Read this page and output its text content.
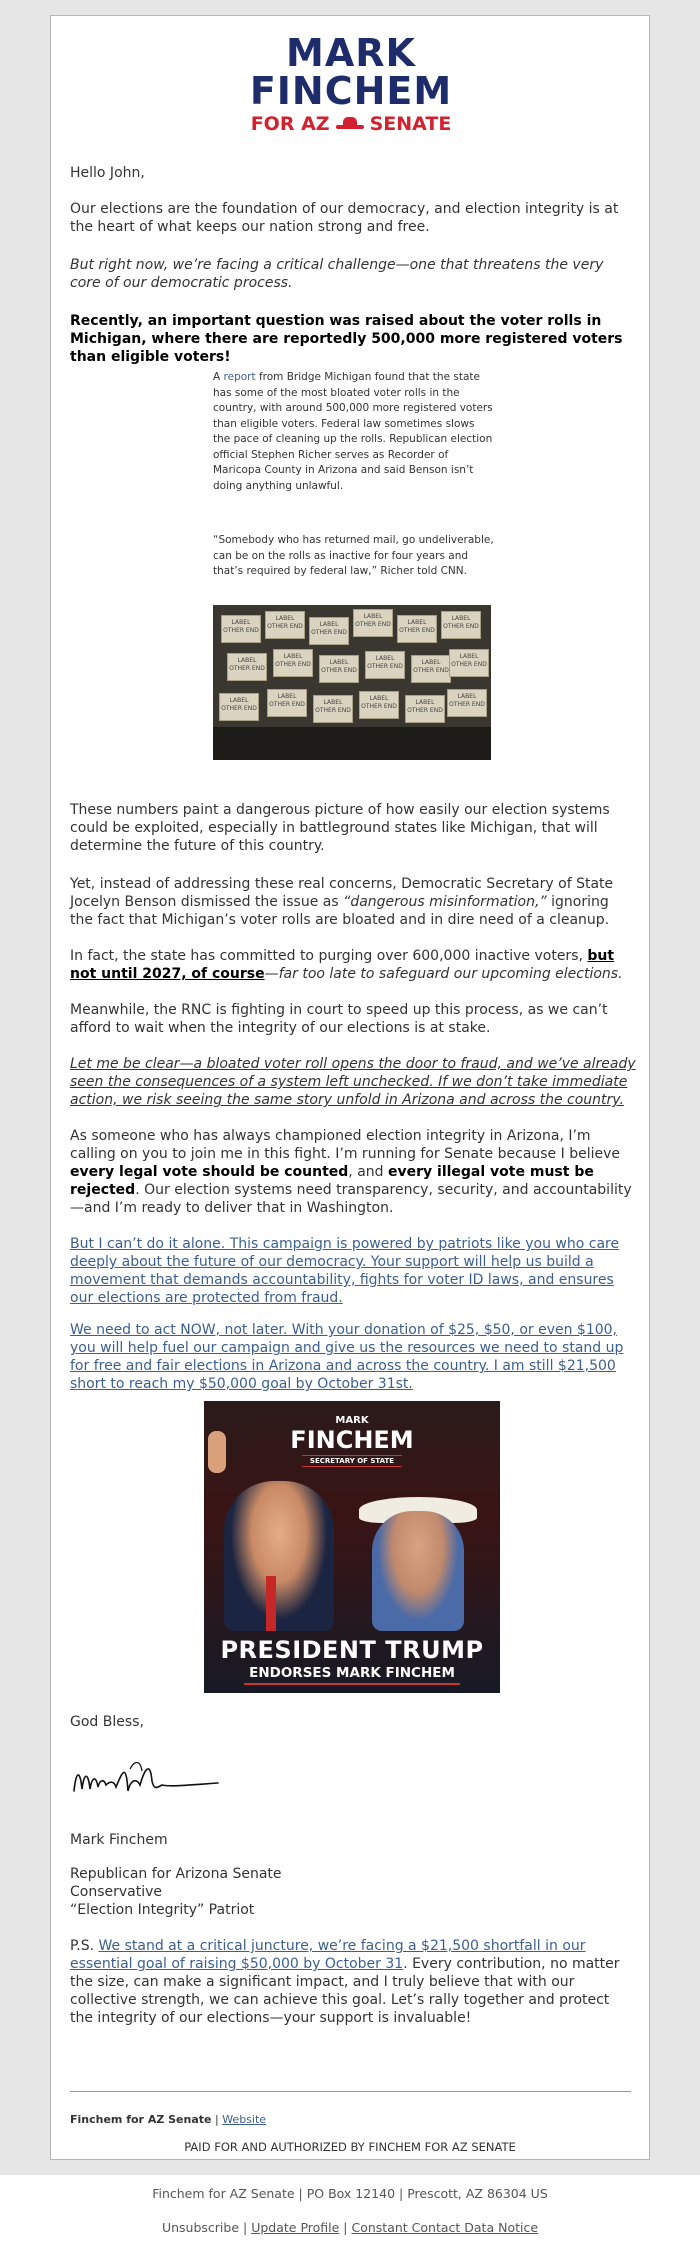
MARK
FINCHEM
FOR AZ SENATE
Hello John,
Our elections are the foundation of our democracy, and election integrity is at the heart of what keeps our nation strong and free.
But right now, we’re facing a critical challenge—one that threatens the very core of our democratic process.
Recently, an important question was raised about the voter rolls in Michigan, where there are reportedly 500,000 more registered voters than eligible voters!
A report from Bridge Michigan found that the state has some of the most bloated voter rolls in the country, with around 500,000 more registered voters than eligible voters. Federal law sometimes slows the pace of cleaning up the rolls. Republican election official Stephen Richer serves as Recorder of Maricopa County in Arizona and said Benson isn’t doing anything unlawful.
“Somebody who has returned mail, go undeliverable, can be on the rolls as inactive for four years and that’s required by federal law,” Richer told CNN.
LABEL OTHER END
LABEL OTHER END	LABEL OTHER END
LABEL OTHER END	LABEL OTHER END
LABEL OTHER END
LABEL OTHER END
LABEL OTHER END	LABEL OTHER END
LABEL OTHER END
LABEL OTHER END
LABEL OTHER END
LABEL OTHER END
LABEL OTHER END	LABEL OTHER END
LABEL OTHER END
LABEL OTHER END
LABEL OTHER END
These numbers paint a dangerous picture of how easily our election systems could be exploited, especially in battleground states like Michigan, that will determine the future of this country.
Yet, instead of addressing these real concerns, Democratic Secretary of State Jocelyn Benson dismissed the issue as “dangerous misinformation,” ignoring the fact that Michigan’s voter rolls are bloated and in dire need of a cleanup.
In fact, the state has committed to purging over 600,000 inactive voters, but not until 2027, of course—far too late to safeguard our upcoming elections.
Meanwhile, the RNC is fighting in court to speed up this process, as we can’t afford to wait when the integrity of our elections is at stake.
Let me be clear—a bloated voter roll opens the door to fraud, and we’ve already seen the consequences of a system left unchecked. If we don’t take immediate action, we risk seeing the same story unfold in Arizona and across the country.
As someone who has always championed election integrity in Arizona, I’m calling on you to join me in this fight. I’m running for Senate because I believe every legal vote should be counted, and every illegal vote must be rejected. Our election systems need transparency, security, and accountability—and I’m ready to deliver that in Washington.
But I can’t do it alone. This campaign is powered by patriots like you who care deeply about the future of our democracy. Your support will help us build a movement that demands accountability, fights for voter ID laws, and ensures our elections are protected from fraud.
We need to act NOW, not later. With your donation of $25, $50, or even $100, you will help fuel our campaign and give us the resources we need to stand up for free and fair elections in Arizona and across the country. I am still $21,500 short to reach my $50,000 goal by October 31st.
MARK
FINCHEM
SECRETARY OF STATE
PRESIDENT TRUMP
ENDORSES MARK FINCHEM
God Bless,
Mark Finchem
Republican for Arizona Senate
Conservative
“Election Integrity” Patriot
P.S. We stand at a critical juncture, we’re facing a $21,500 shortfall in our essential goal of raising $50,000 by October 31. Every contribution, no matter the size, can make a significant impact, and I truly believe that with our collective strength, we can achieve this goal. Let’s rally together and protect the integrity of our elections—your support is invaluable!
Finchem for AZ Senate | Website
PAID FOR AND AUTHORIZED BY FINCHEM FOR AZ SENATE
Finchem for AZ Senate | PO Box 12140 | Prescott, AZ 86304 US
Unsubscribe | Update Profile | Constant Contact Data Notice
